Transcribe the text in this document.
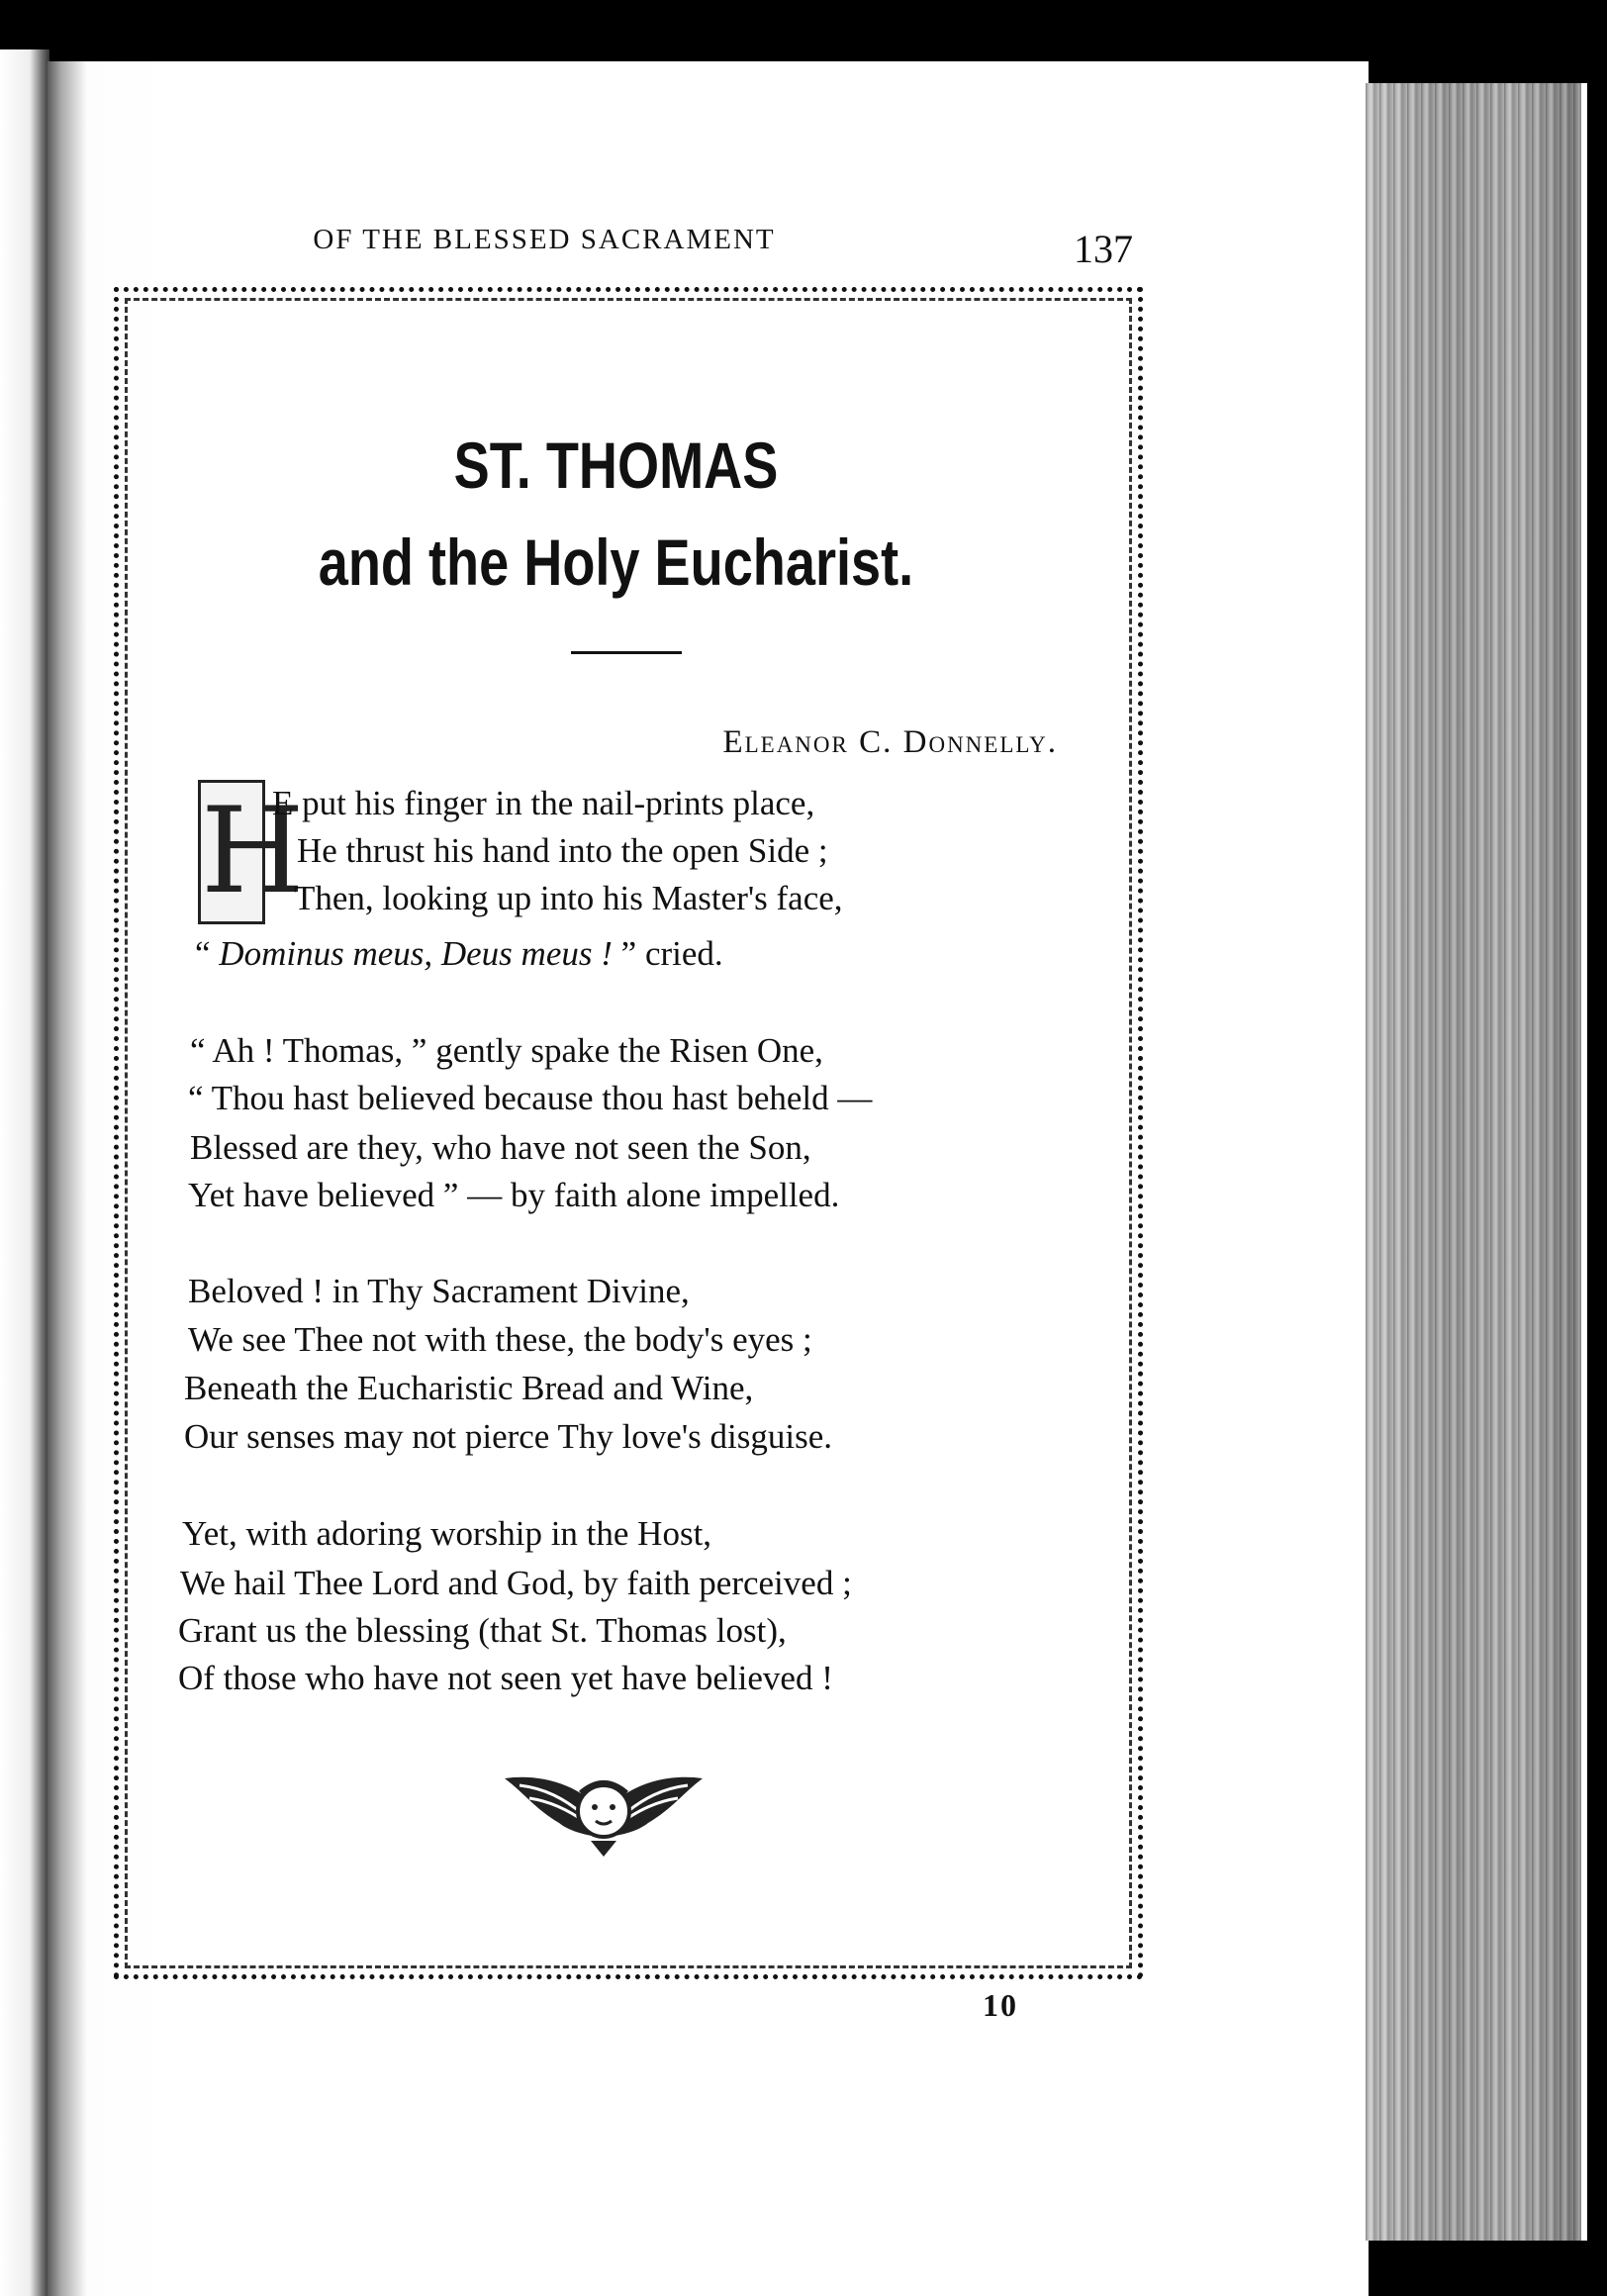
OF THE BLESSED SACRAMENT	137
ST. THOMAS
and the Holy Eucharist.
Eleanor C. Donnelly.
H
E put his finger in the nail-prints place,
He thrust his hand into the open Side ;
Then, looking up into his Master's face,
“ Dominus meus, Deus meus ! ” cried.
“ Ah ! Thomas, ” gently spake the Risen One,
“ Thou hast believed because thou hast beheld —
Blessed are they, who have not seen the Son,
Yet have believed ” — by faith alone impelled.
Beloved ! in Thy Sacrament Divine,
We see Thee not with these, the body's eyes ;
Beneath the Eucharistic Bread and Wine,
Our senses may not pierce Thy love's disguise.
Yet, with adoring worship in the Host,
We hail Thee Lord and God, by faith perceived ;
Grant us the blessing (that St. Thomas lost),
Of those who have not seen yet have believed !
10
